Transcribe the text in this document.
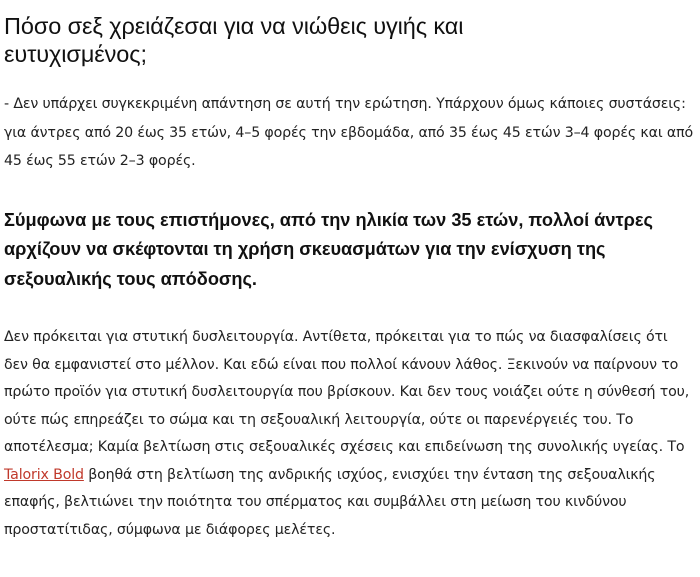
Πόσο σεξ χρειάζεσαι για να νιώθεις υγιής και ευτυχισμένος;

- Δεν υπάρχει συγκεκριμένη απάντηση σε αυτή την ερώτηση. Υπάρχουν όμως κάποιες συστάσεις: για άντρες από 20 έως 35 ετών, 4–5 φορές την εβδομάδα, από 35 έως 45 ετών 3–4 φορές και από 45 έως 55 ετών 2–3 φορές.

Σύμφωνα με τους επιστήμονες, από την ηλικία των 35 ετών, πολλοί άντρες αρχίζουν να σκέφτονται τη χρήση σκευασμάτων για την ενίσχυση της σεξουαλικής τους απόδοσης.

Δεν πρόκειται για στυτική δυσλειτουργία. Αντίθετα, πρόκειται για το πώς να διασφαλίσεις ότι δεν θα εμφανιστεί στο μέλλον. Και εδώ είναι που πολλοί κάνουν λάθος. Ξεκινούν να παίρνουν το πρώτο προϊόν για στυτική δυσλειτουργία που βρίσκουν. Και δεν τους νοιάζει ούτε η σύνθεσή του, ούτε πώς επηρεάζει το σώμα και τη σεξουαλική λειτουργία, ούτε οι παρενέργειές του. Το αποτέλεσμα; Καμία βελτίωση στις σεξουαλικές σχέσεις και επιδείνωση της συνολικής υγείας. Το Talorix Bold βοηθά στη βελτίωση της ανδρικής ισχύος, ενισχύει την ένταση της σεξουαλικής επαφής, βελτιώνει την ποιότητα του σπέρματος και συμβάλλει στη μείωση του κινδύνου προστατίτιδας, σύμφωνα με διάφορες μελέτες.
